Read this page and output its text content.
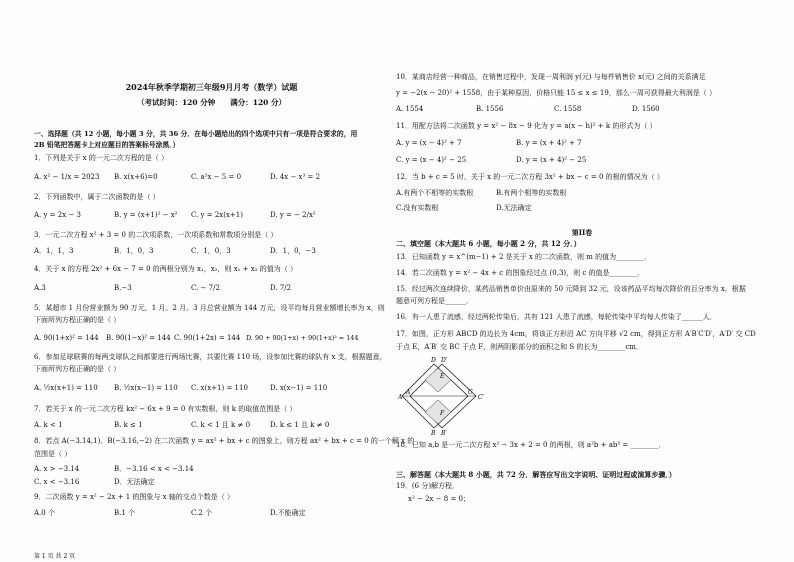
2024年秋季学期初三年级9月月考（数学）试题
（考试时间：120 分钟　　满分：120 分）
一、选择题（共 12 小题，每小题 3 分，共 36 分．在每小题给出的四个选项中只有一项是符合要求的，用
2B 铅笔把答题卡上对应题目的答案标号涂黑．）
1．下列是关于 x 的一元二次方程的是（ ）
A. x² − 1/x = 2023 B. x(x+6)=0	C. a²x − 5 = 0	D. 4x − x³ = 2
2．下列函数中，属于二次函数的是（ ）
A. y = 2x − 3	B. y = (x+1)² − x² C. y = 2x(x+1)	D. y = − 2/x²
3．一元二次方程 x² + 3 = 0 的二次项系数、一次项系数和常数项分别是（ ）
A．1，1，3	B．1，0，3	C．1，0，3	D．1，0，−3
4．关于 x 的方程 2x² + 6x − 7 = 0 的两根分别为 x₁，x₂，则 x₁ + x₂ 的值为（ ）
A.3	B.−3	C. − 7/2	D. 7/2
5．某超市 1 月份营业额为 90 万元，1 月、2 月、3 月总营业额为 144 万元，设平均每月营业额增长率为 x，则
下面所列方程正确的是（ ）
A. 90(1+x)² = 144 B. 90(1−x)² = 144 C. 90(1+2x) = 144 D. 90 + 90(1+x) + 90(1+x)² = 144
6．参加足球联赛的每两支球队之间都要进行两场比赛，共要比赛 110 场，设参加比赛的球队有 x 支，根据题意，
下面所列方程正确的是（ ）
A. ½x(x+1) = 110 B. ½x(x−1) = 110 C. x(x+1) = 110	D. x(x−1) = 110
7．若关于 x 的一元二次方程 kx² − 6x + 9 = 0 有实数根，则 k 的取值范围是（ ）
A. k < 1	B. k ≤ 1	C. k < 1 且 k ≠ 0	D. k ≤ 1 且 k ≠ 0
8．若点 A(−3.14,1)、B(−3.16,−2) 在二次函数 y = ax² + bx + c 的图象上，则方程 ax² + bx + c = 0 的一个解 x 的
范围是（ ）
A. x > −3.14	B．−3.16 < x < −3.14
C. x < −3.16	D．无法确定
9．二次函数 y = x² − 2x + 1 的图象与 x 轴的交点个数是（ ）
A.0 个	B.1 个	C.2 个	D.不能确定
10．某商店经营一种商品，在销售过程中，发现一周利润 y(元) 与每件销售价 x(元) 之间的关系满足
y = −2(x − 20)² + 1558，由于某种原因，价格只能 15 ≤ x ≤ 19，那么一周可获得最大利润是（ ）
A. 1554	B. 1556	C. 1558	D. 1560
11．用配方法将二次函数 y = x² − 8x − 9 化为 y = a(x − h)² + k 的形式为（ ）
A. y = (x − 4)² + 7	B. y = (x + 4)² + 7
C. y = (x − 4)² − 25	D. y = (x + 4)² − 25
12．当 b + c = 5 时，关于 x 的一元二次方程 3x² + bx − c = 0 的根的情况为（ ）
A.有两个不相等的实数根	B.有两个相等的实数根
C.没有实数根	D.无法确定
第II卷
二、填空题（本大题共 6 小题，每小题 2 分，共 12 分．）
13．已知函数 y = x^(m−1) + 2 是关于 x 的二次函数，则 m 的值为________．
14．若二次函数 y = x² − 4x + c 的图象经过点 (0,3)，则 c 的值是________．
15．经过两次连续降价，某药品销售单价由原来的 50 元降到 32 元，设该药品平均每次降价的百分率为 x，根据
题意可列方程是______．
16．有一人患了流感，经过两轮传染后，共有 121 人患了流感，每轮传染中平均每人传染了______人．
17．如图，正方形 ABCD 的边长为 4cm，将该正方形沿 AC 方向平移 √2 cm，得到正方形 A′B′C′D′，A′D′ 交 CD
于点 E，A′B′ 交 BC 于点 F，则两阴影部分的面积之和 S 的长为________cm．
A
A′	C
C′
D D′
E
F
B B′
18．已知 a,b 是一元二次方程 x² − 3x + 2 = 0 的两根，则 a²b + ab² = ________．
三、解答题（本大题共 8 小题，共 72 分．解答应写出文字说明、证明过程或演算步骤．）
19．(6 分)解方程．
x² − 2x − 8 = 0；
第 1 页 共 2 页
